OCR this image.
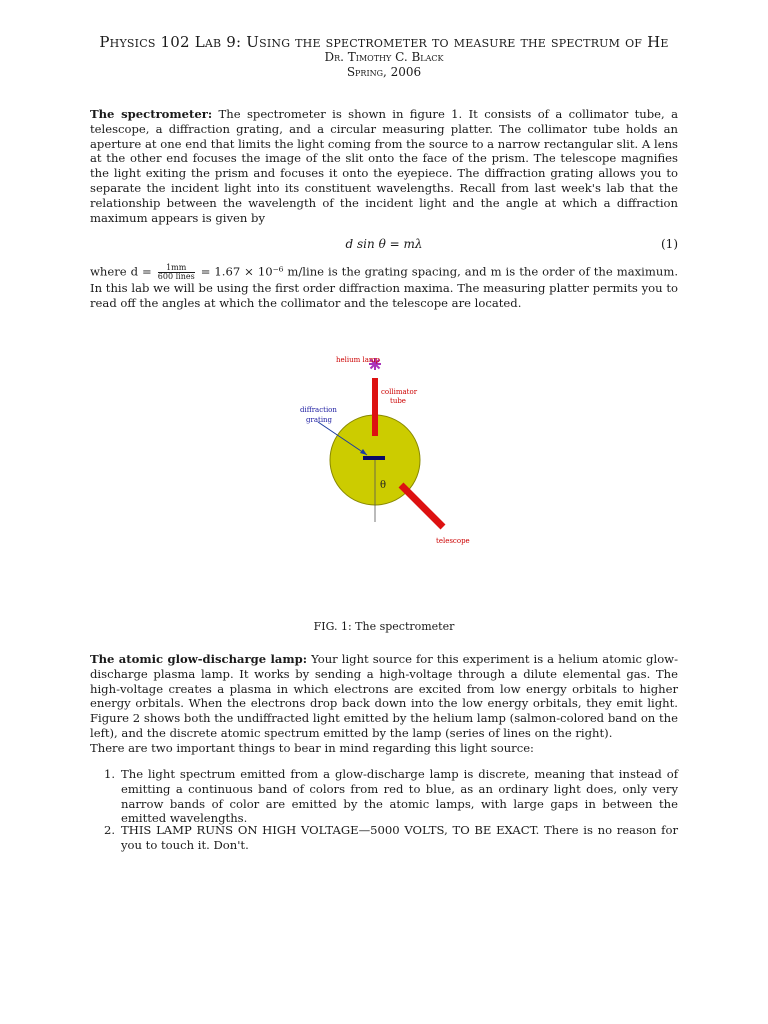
Physics 102 Lab 9: Using the spectrometer to measure the spectrum of He
Dr. Timothy C. Black
Spring, 2006
The spectrometer: The spectrometer is shown in figure 1. It consists of a collimator tube, a telescope, a diffraction grating, and a circular measuring platter. The collimator tube holds an aperture at one end that limits the light coming from the source to a narrow rectangular slit. A lens at the other end focuses the image of the slit onto the face of the prism. The telescope magnifies the light exiting the prism and focuses it onto the eyepiece. The diffraction grating allows you to separate the incident light into its constituent wavelengths. Recall from last week's lab that the relationship between the wavelength of the incident light and the angle at which a diffraction maximum appears is given by
d sin θ = mλ	(1)
where $d = \frac{1mm}{\text{600 lines}} = 1.67 \times 10^{-6}$ m/line is the grating spacing, and m is the order of the maximum. In this lab we will be using the first order diffraction maxima. The measuring platter permits you to read off the angles at which the collimator and the telescope are located.
helium lamp
collimator
tube
diffraction
grating
θ
telescope
FIG. 1: The spectrometer
The atomic glow-discharge lamp: Your light source for this experiment is a helium atomic glow-discharge plasma lamp. It works by sending a high-voltage through a dilute elemental gas. The high-voltage creates a plasma in which electrons are excited from low energy orbitals to higher energy orbitals. When the electrons drop back down into the low energy orbitals, they emit light. Figure 2 shows both the undiffracted light emitted by the helium lamp (salmon-colored band on the left), and the discrete atomic spectrum emitted by the lamp (series of lines on the right).
There are two important things to bear in mind regarding this light source:
1. The light spectrum emitted from a glow-discharge lamp is discrete, meaning that instead of emitting a continuous band of colors from red to blue, as an ordinary light does, only very narrow bands of color are emitted by the atomic lamps, with large gaps in between the emitted wavelengths.
2. THIS LAMP RUNS ON HIGH VOLTAGE—5000 VOLTS, TO BE EXACT. There is no reason for you to touch it. Don't.
